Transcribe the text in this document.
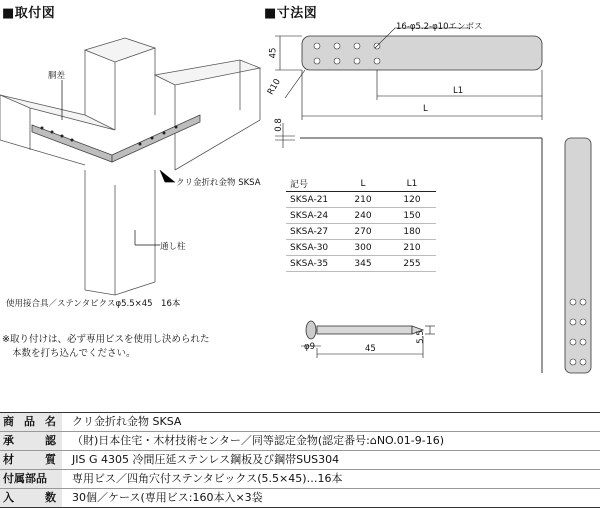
■取付図
胴差
クリ金折れ金物 SKSA
通し柱
使用接合具／ステンタピクスφ5.5×45　16本
※取り付けは、必ず専用ビスを使用し決められた
本数を打ち込んでください。
■寸法図
16-φ5.2-φ10エンボス
45
R10	L1
L
0.8
記号	L	L1
SKSA-21	210	120
SKSA-24	240	150
SKSA-27	270	180
SKSA-30	300	210
SKSA-35	345	255
φ9	45
5.5
商 品 名	クリ金折れ金物 SKSA
承	認	（財)日本住宅・木材技術センター／同等認定金物(認定番号:⌂NO.01-9-16)
材	質	JIS G 4305 冷間圧延ステンレス鋼板及び鋼帯SUS304
付属部品	専用ビス／四角穴付ステンタビックス(5.5×45)…16本
入	数	30個／ケース(専用ビス:160本入×3袋
